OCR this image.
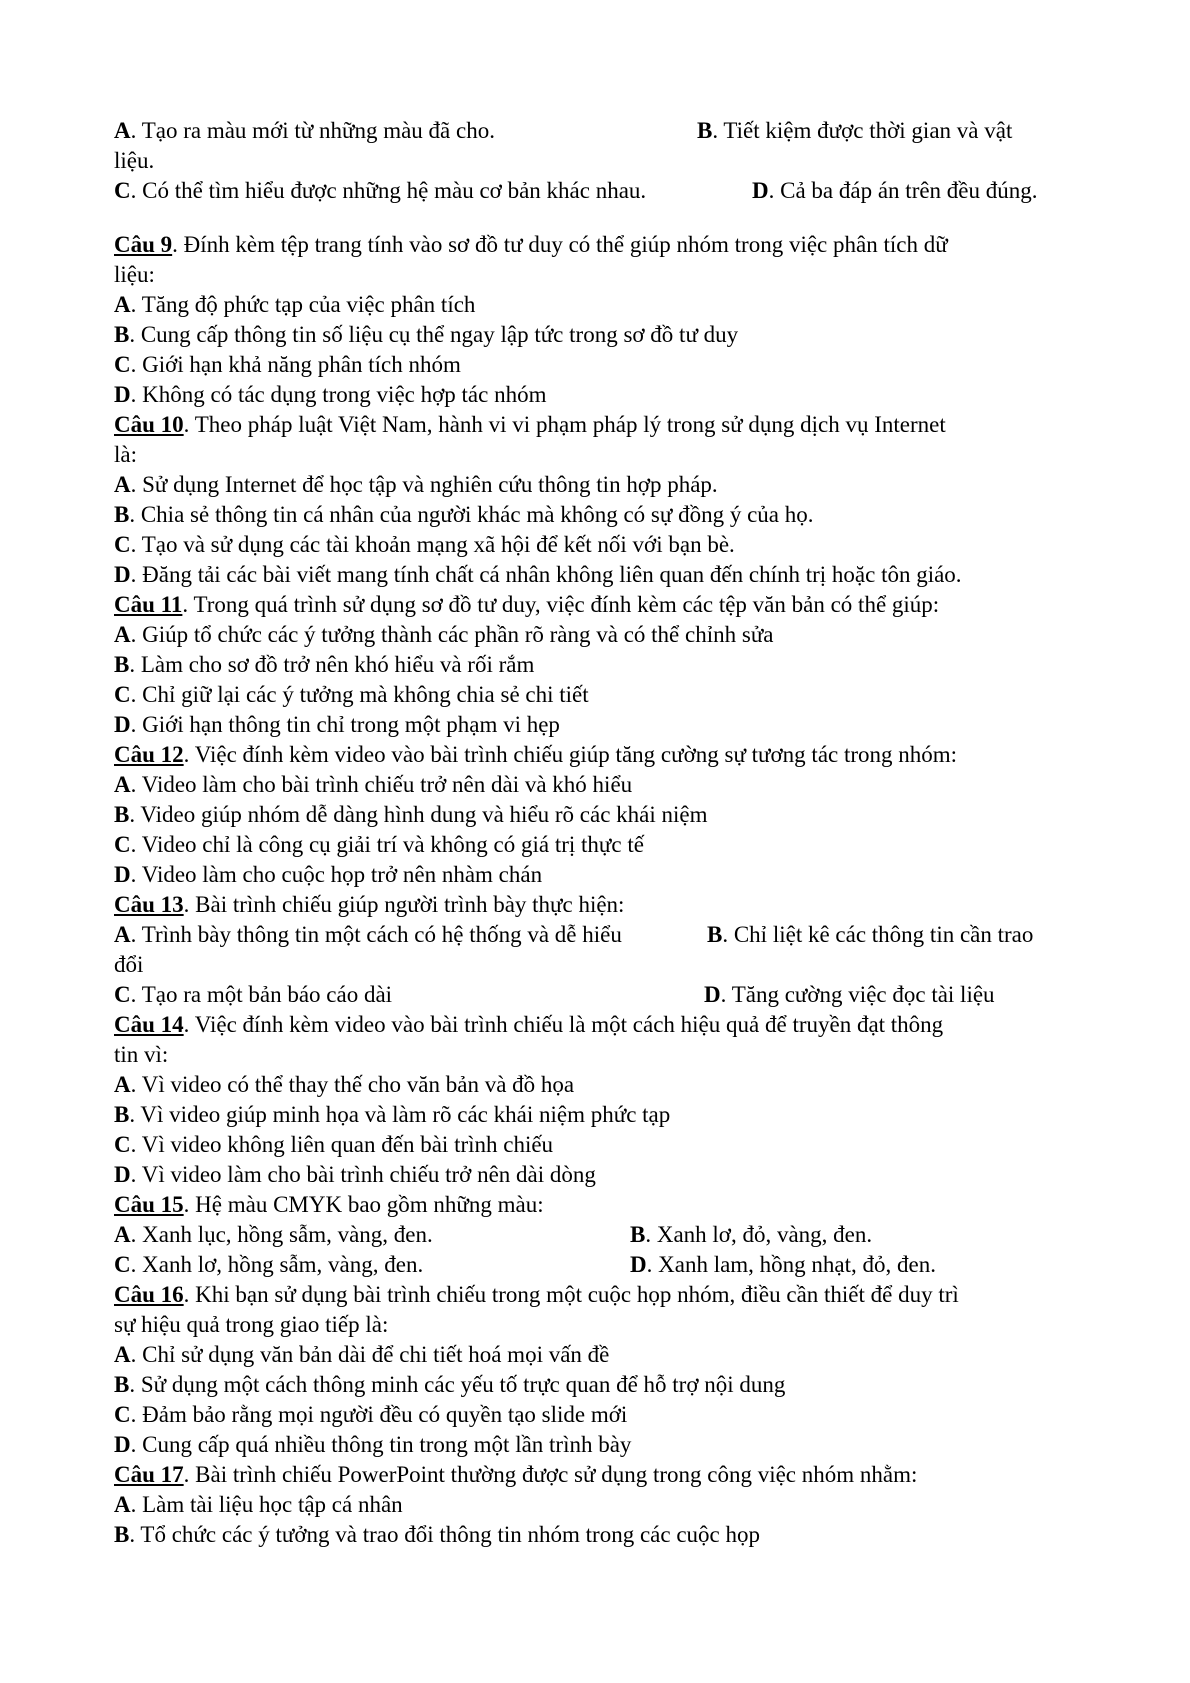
A. Tạo ra màu mới từ những màu đã cho.	B. Tiết kiệm được thời gian và vật
liệu.
C. Có thể tìm hiểu được những hệ màu cơ bản khác nhau.	D. Cả ba đáp án trên đều đúng.
Câu 9. Đính kèm tệp trang tính vào sơ đồ tư duy có thể giúp nhóm trong việc phân tích dữ
liệu:
A. Tăng độ phức tạp của việc phân tích
B. Cung cấp thông tin số liệu cụ thể ngay lập tức trong sơ đồ tư duy
C. Giới hạn khả năng phân tích nhóm
D. Không có tác dụng trong việc hợp tác nhóm
Câu 10. Theo pháp luật Việt Nam, hành vi vi phạm pháp lý trong sử dụng dịch vụ Internet
là:
A. Sử dụng Internet để học tập và nghiên cứu thông tin hợp pháp.
B. Chia sẻ thông tin cá nhân của người khác mà không có sự đồng ý của họ.
C. Tạo và sử dụng các tài khoản mạng xã hội để kết nối với bạn bè.
D. Đăng tải các bài viết mang tính chất cá nhân không liên quan đến chính trị hoặc tôn giáo.
Câu 11. Trong quá trình sử dụng sơ đồ tư duy, việc đính kèm các tệp văn bản có thể giúp:
A. Giúp tổ chức các ý tưởng thành các phần rõ ràng và có thể chỉnh sửa
B. Làm cho sơ đồ trở nên khó hiểu và rối rắm
C. Chỉ giữ lại các ý tưởng mà không chia sẻ chi tiết
D. Giới hạn thông tin chỉ trong một phạm vi hẹp
Câu 12. Việc đính kèm video vào bài trình chiếu giúp tăng cường sự tương tác trong nhóm:
A. Video làm cho bài trình chiếu trở nên dài và khó hiểu
B. Video giúp nhóm dễ dàng hình dung và hiểu rõ các khái niệm
C. Video chỉ là công cụ giải trí và không có giá trị thực tế
D. Video làm cho cuộc họp trở nên nhàm chán
Câu 13. Bài trình chiếu giúp người trình bày thực hiện:
A. Trình bày thông tin một cách có hệ thống và dễ hiểu	B. Chỉ liệt kê các thông tin cần trao
đổi
C. Tạo ra một bản báo cáo dài	D. Tăng cường việc đọc tài liệu
Câu 14. Việc đính kèm video vào bài trình chiếu là một cách hiệu quả để truyền đạt thông
tin vì:
A. Vì video có thể thay thế cho văn bản và đồ họa
B. Vì video giúp minh họa và làm rõ các khái niệm phức tạp
C. Vì video không liên quan đến bài trình chiếu
D. Vì video làm cho bài trình chiếu trở nên dài dòng
Câu 15. Hệ màu CMYK bao gồm những màu:
A. Xanh lục, hồng sẫm, vàng, đen.	B. Xanh lơ, đỏ, vàng, đen.
C. Xanh lơ, hồng sẫm, vàng, đen.	D. Xanh lam, hồng nhạt, đỏ, đen.
Câu 16. Khi bạn sử dụng bài trình chiếu trong một cuộc họp nhóm, điều cần thiết để duy trì
sự hiệu quả trong giao tiếp là:
A. Chỉ sử dụng văn bản dài để chi tiết hoá mọi vấn đề
B. Sử dụng một cách thông minh các yếu tố trực quan để hỗ trợ nội dung
C. Đảm bảo rằng mọi người đều có quyền tạo slide mới
D. Cung cấp quá nhiều thông tin trong một lần trình bày
Câu 17. Bài trình chiếu PowerPoint thường được sử dụng trong công việc nhóm nhằm:
A. Làm tài liệu học tập cá nhân
B. Tổ chức các ý tưởng và trao đổi thông tin nhóm trong các cuộc họp
